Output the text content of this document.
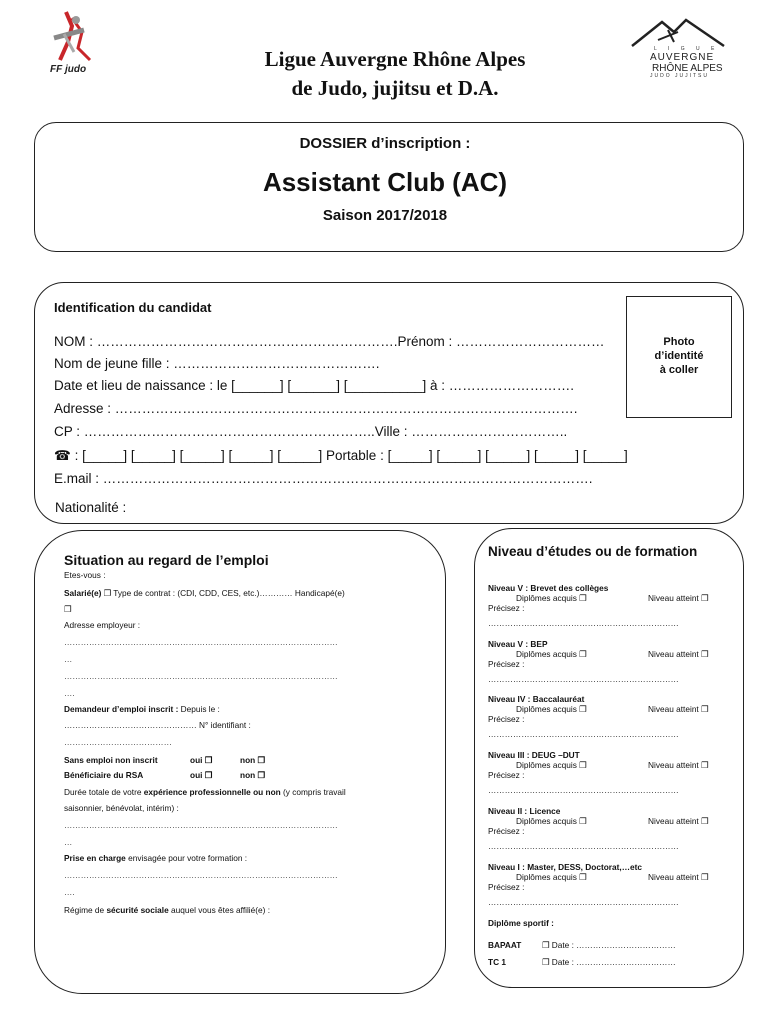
FF judo
L I G U E
AUVERGNE
RHÔNE ALPES
JUDO JUJITSU
Ligue Auvergne Rhône Alpes
de Judo, jujitsu et D.A.
DOSSIER d’inscription :
Assistant Club (AC)
Saison 2017/2018
Nationalité :
Identification du candidat
Photo
d’identité
à coller
NOM : ………………………………………………………….Prénom : ……………………………
Nom de jeune fille : ……………………………………….
Date et lieu de naissance : le [______] [______] [__________] à : ……………………….
Adresse : ………………………………………………………………………………………….
CP : ………………………………………………………..Ville : ……………………………..
☎ : [_____] [_____] [_____] [_____] [_____] Portable : [_____] [_____] [_____] [_____] [_____]
E.mail : ……………………………………………………………………………………………….
Situation au regard de l’emploi
Etes-vous :
Salarié(e) ❐ Type de contrat : (CDI, CDD, CES, etc.)………… Handicapé(e)
❐
Adresse employeur :
………………………………………………………………………………………
…
………………………………………………………………………………………
….
Demandeur d’emploi inscrit : Depuis le :
………………………………………… N° identifiant :
…………………………………
Sans emploi non inscrit	oui ❐	non ❐
Bénéficiaire du RSA	oui ❐	non ❐
Durée totale de votre expérience professionnelle ou non (y compris travail
saisonnier, bénévolat, intérim) :
………………………………………………………………………………………
…
Prise en charge envisagée pour votre formation :
………………………………………………………………………………………
….
Régime de sécurité sociale auquel vous êtes affilié(e) :
Niveau d’études ou de formation
Niveau V : Brevet des collèges
Diplômes acquis ❐	Niveau atteint ❐
Précisez :
……………………………………………………………
Niveau V : BEP
Diplômes acquis ❐	Niveau atteint ❐
Précisez :
……………………………………………………………
Niveau IV : Baccalauréat
Diplômes acquis ❐	Niveau atteint ❐
Précisez :
……………………………………………………………
Niveau III : DEUG –DUT
Diplômes acquis ❐	Niveau atteint ❐
Précisez :
……………………………………………………………
Niveau II : Licence
Diplômes acquis ❐	Niveau atteint ❐
Précisez :
……………………………………………………………
Niveau I : Master, DESS, Doctorat,…etc
Diplômes acquis ❐	Niveau atteint ❐
Précisez :
……………………………………………………………
Diplôme sportif :
BAPAAT ❐ Date : ………………………………
TC 1	❐ Date : ………………………………
